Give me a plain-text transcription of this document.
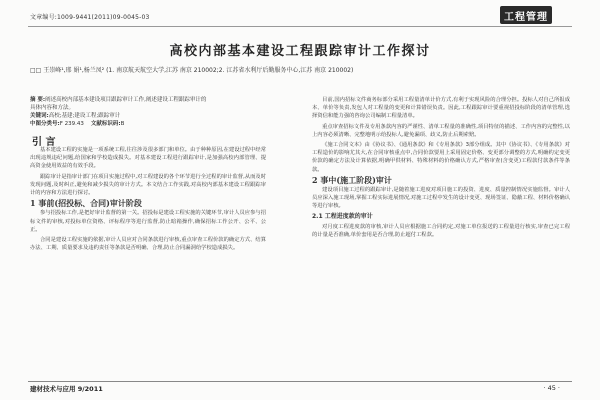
文章编号:1009-9441(2011)09-0045-03	工程管理
高校内部基本建设工程跟踪审计工作探讨
□□ 王崇峰¹,邢 娟¹,杨兰凤² (1. 南京航天航空大学,江苏 南京 210002;2. 江苏省水利厅后勤服务中心,江苏 南京 210002)
摘 要:阐述高校内部基本建设项目跟踪审计工作,阐述建设工程跟踪审计的具体内容和方法。
关键词:高校;基建;建设工程;跟踪审计
中图分类号:F 239.43 文献标识码:B
引 言

基本建设工程的实施是一项系统工程,往往涉及很多部门和单位。由于种种原因,在建设过程中经常出现违规违纪问题,给国家和学校造成损失。对基本建设工程进行跟踪审计,是加强高校内部管理、提高资金使用效益的有效手段。

跟踪审计是指审计部门在项目实施过程中,对工程建设的各个环节进行全过程的审计监督,从而及时发现问题,及时纠正,避免和减少损失的审计方式。本文结合工作实践,对高校内部基本建设工程跟踪审计的内容和方法进行探讨。

1 事前(招投标、合同)审计阶段

参与招投标工作,是把好审计监督的第一关。招投标是建设工程实施的关键环节,审计人员应参与招标文件的审核,对投标单位资格、评标程序等进行监督,防止暗箱操作,确保招标工作公开、公平、公正。

合同是建设工程实施的依据,审计人员应对合同条款进行审核,重点审查工程价款的确定方式、结算办法、工期、质量要求及违约责任等条款是否明确、合理,防止合同漏洞给学校造成损失。

目前,国内招标文件商务标部分采用工程量清单计价方式,有利于实现风险的合理分担。投标人对自己所报成本、单价等负责,发包人对工程量的变更和计算错误负责。因此,工程跟踪审计要重视招投标阶段的清单管理,选择资信和能力强的咨询公司编制工程量清单。

重点审查招标文件及专用条款内容的严谨性、清单工程量的准确性,项目特征的描述、工作内容的完整性,以上内容必须清晰、完整地明示给投标人,避免漏项、歧义,防止后期索赔。

《施工合同文本》由《协议书》、《通用条款》和《专用条款》3部分组成。其中《协议书》、《专用条款》对工程造价的影响尤其大,在合同审核重点中,合同价款要用上采用固定价格、变更部分调整的方式,明确约定变更价款的确定方法及计算依据,明确甲供材料、特殊材料的价格确认方式,严格审查(含变更)工程款付款条件等条款。

2 事中(施工阶段)审计

建设项目施工过程的跟踪审计,是随着施工进度对项目施工的投资、进度、质量控制情况实施监督。审计人员应深入施工现场,掌握工程实际进展情况,对施工过程中发生的设计变更、现场签证、隐蔽工程、材料价格确认等进行审核。

2.1 工程进度款的审计

对月度工程进度款的审核,审计人员应根据施工合同约定,对施工单位报送的工程量进行核实,审查已完工程的计量是否准确,单价套用是否合理,防止超付工程款。

建材技术与应用 9/2011	· 45 ·
